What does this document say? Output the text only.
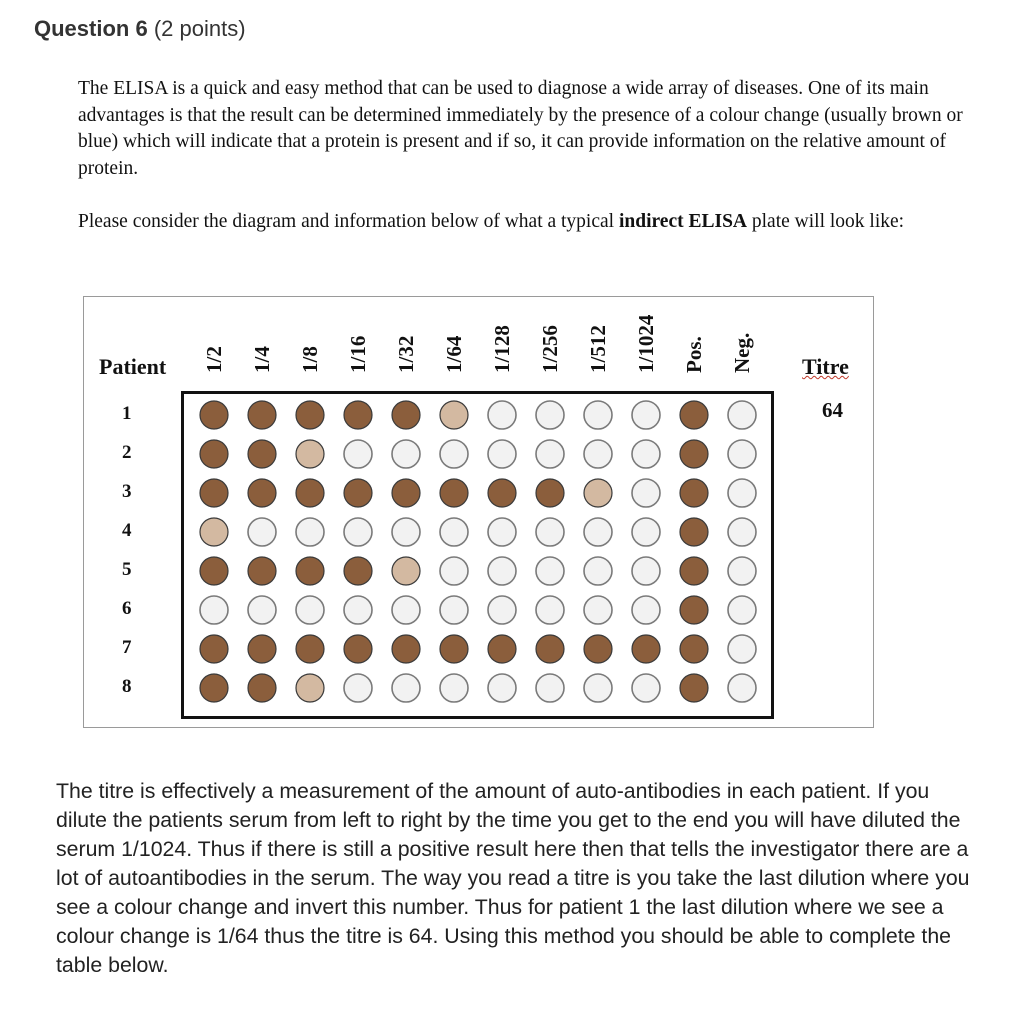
Question 6 (2 points)

The ELISA is a quick and easy method that can be used to diagnose a wide array of diseases. One of its main advantages is that the result can be determined immediately by the presence of a colour change (usually brown or blue) which will indicate that a protein is present and if so, it can provide information on the relative amount of protein.

Please consider the diagram and information below of what a typical indirect ELISA plate will look like:

Patient	Titre
64
1/2 1/4 1/8 1/16 1/32 1/64 1/128 1/256 1/512 1/1024 Pos. Neg.
1
2
3
4
5
6
7
8

The titre is effectively a measurement of the amount of auto-antibodies in each patient. If you dilute the patients serum from left to right by the time you get to the end you will have diluted the serum 1/1024. Thus if there is still a positive result here then that tells the investigator there are a lot of autoantibodies in the serum. The way you read a titre is you take the last dilution where you see a colour change and invert this number. Thus for patient 1 the last dilution where we see a colour change is 1/64 thus the titre is 64. Using this method you should be able to complete the table below.
